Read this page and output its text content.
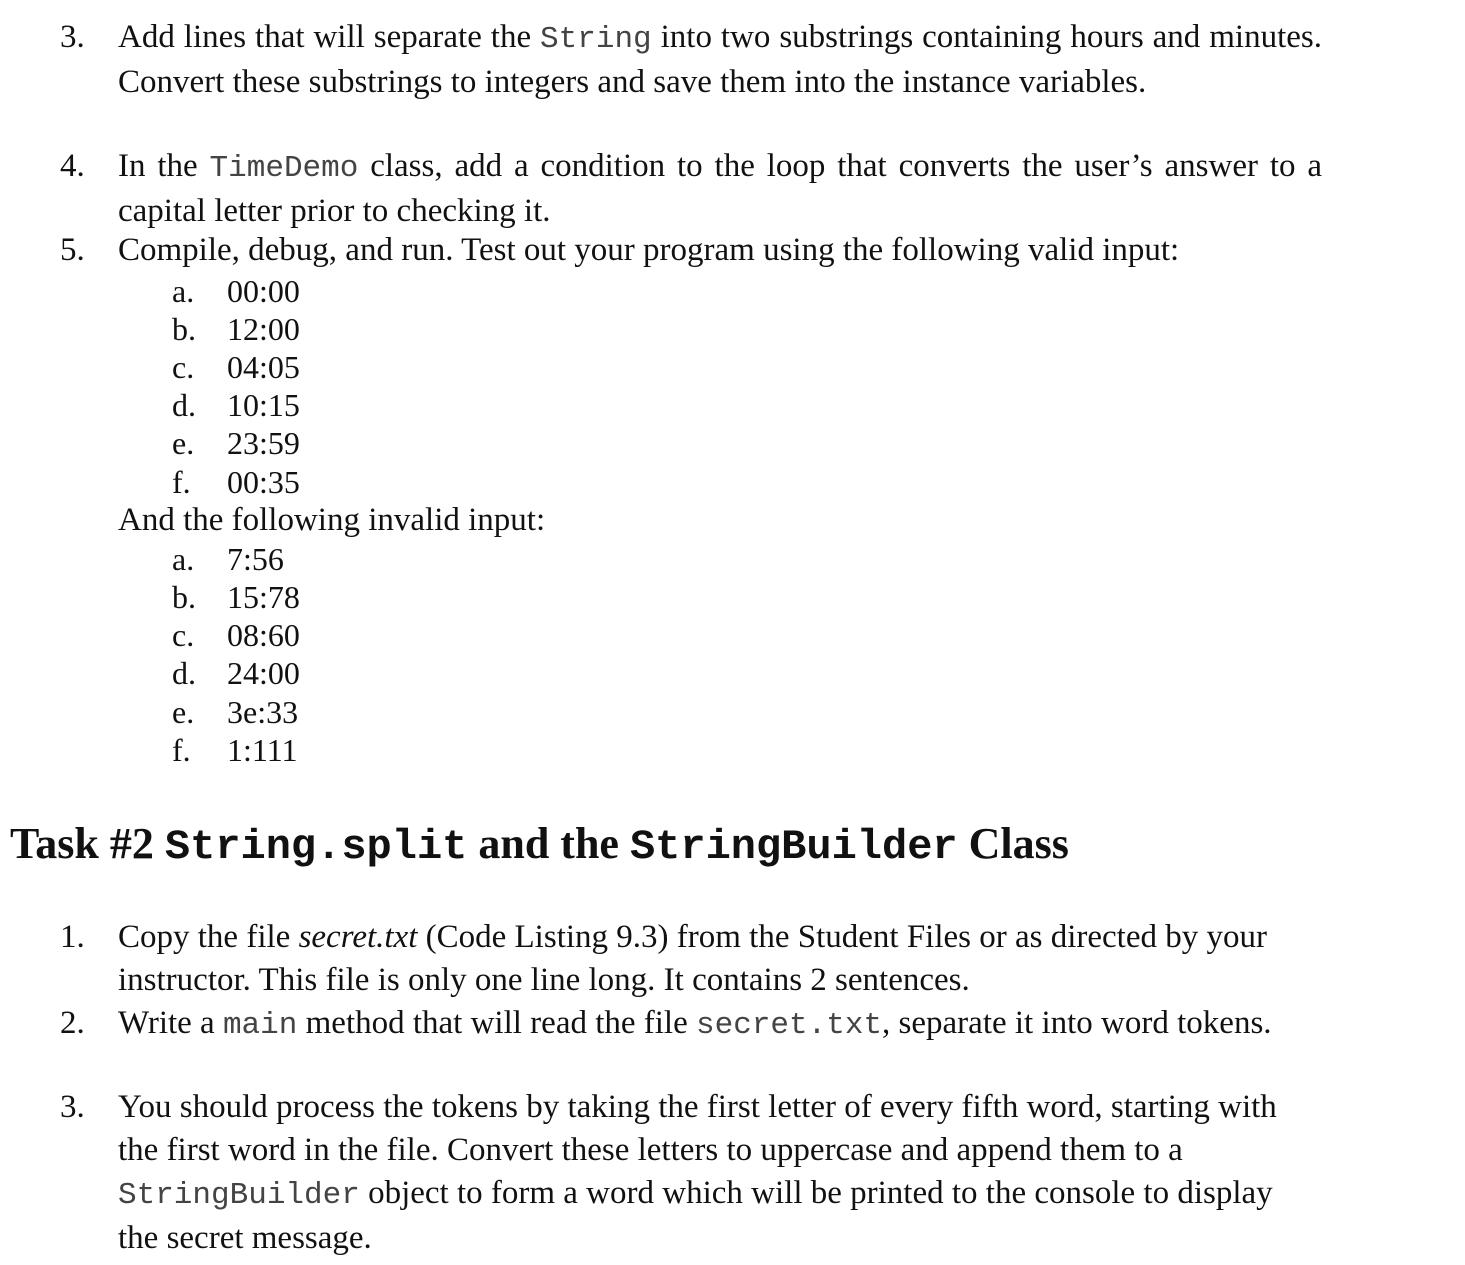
3. Add lines that will separate the String into two substrings containing hours and minutes. Convert these substrings to integers and save them into the instance variables.
4. In the TimeDemo class, add a condition to the loop that converts the user’s answer to a capital letter prior to checking it.
5. Compile, debug, and run. Test out your program using the following valid input:
a. 00:00
b. 12:00
c. 04:05
d. 10:15
e. 23:59
f. 00:35
And the following invalid input:
a. 7:56
b. 15:78
c. 08:60
d. 24:00
e. 3e:33
f. 1:111
Task #2 String.split and the StringBuilder Class
1. Copy the file secret.txt (Code Listing 9.3) from the Student Files or as directed by your instructor. This file is only one line long. It contains 2 sentences.
2. Write a main method that will read the file secret.txt, separate it into word tokens.
3. You should process the tokens by taking the first letter of every fifth word, starting with the first word in the file. Convert these letters to uppercase and append them to a StringBuilder object to form a word which will be printed to the console to display the secret message.
